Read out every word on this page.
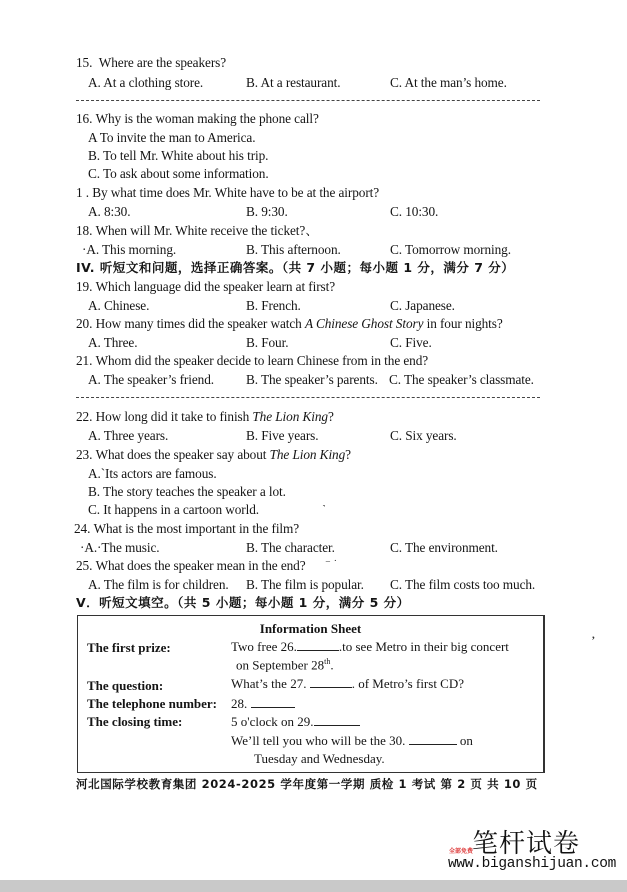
15. Where are the speakers?
A. At a clothing store.	B. At a restaurant.	C. At the man’s home.
16. Why is the woman making the phone call?
A To invite the man to America.
B. To tell Mr. White about his trip.
C. To ask about some information.
1 . By what time does Mr. White have to be at the airport?
A. 8:30.	B. 9:30.	C. 10:30.
18. When will Mr. White receive the ticket?、
·A. This morning.	B. This afternoon.	C. Tomorrow morning.
IV. 听短文和问题，选择正确答案。（共 7 小题；每小题 1 分，满分 7 分）
19. Which language did the speaker learn at first?
A. Chinese.	B. French.	C. Japanese.
20. How many times did the speaker watch A Chinese Ghost Story in four nights?
A. Three.	B. Four.	C. Five.
21. Whom did the speaker decide to learn Chinese from in the end?
A. The speaker’s friend. B. The speaker’s parents. C. The speaker’s classmate.
22. How long did it take to finish The Lion King?
A. Three years.	B. Five years.	C. Six years.
23. What does the speaker say about The Lion King?
A.`Its actors are famous.
B. The story teaches the speaker a lot.
C. It happens in a cartoon world.	˺
24. What is the most important in the film?
·A.·The music.	B. The character.	C. The environment.
25. What does the speaker mean in the end? ⁻ ˙
A. The film is for children. B. The film is popular. C. The film costs too much.
V．听短文填空。（共 5 小题；每小题 1 分，满分 5 分）
Information Sheet
The first prize:	Two free 26.	.to see Metro in their big concert
on September 28th.
The question:	What’s the 27.	. of Metro’s first CD?
The telephone number: 28.
The closing time:	5 o'clock on 29.
We’ll tell you who will be the 30.	on
Tuesday and Wednesday.
,
河北国际学校教育集团 2024-2025 学年度第一学期 质检 1 考试 第 2 页 共 10 页
笔杆试卷
全部免费
www.biganshijuan.com
